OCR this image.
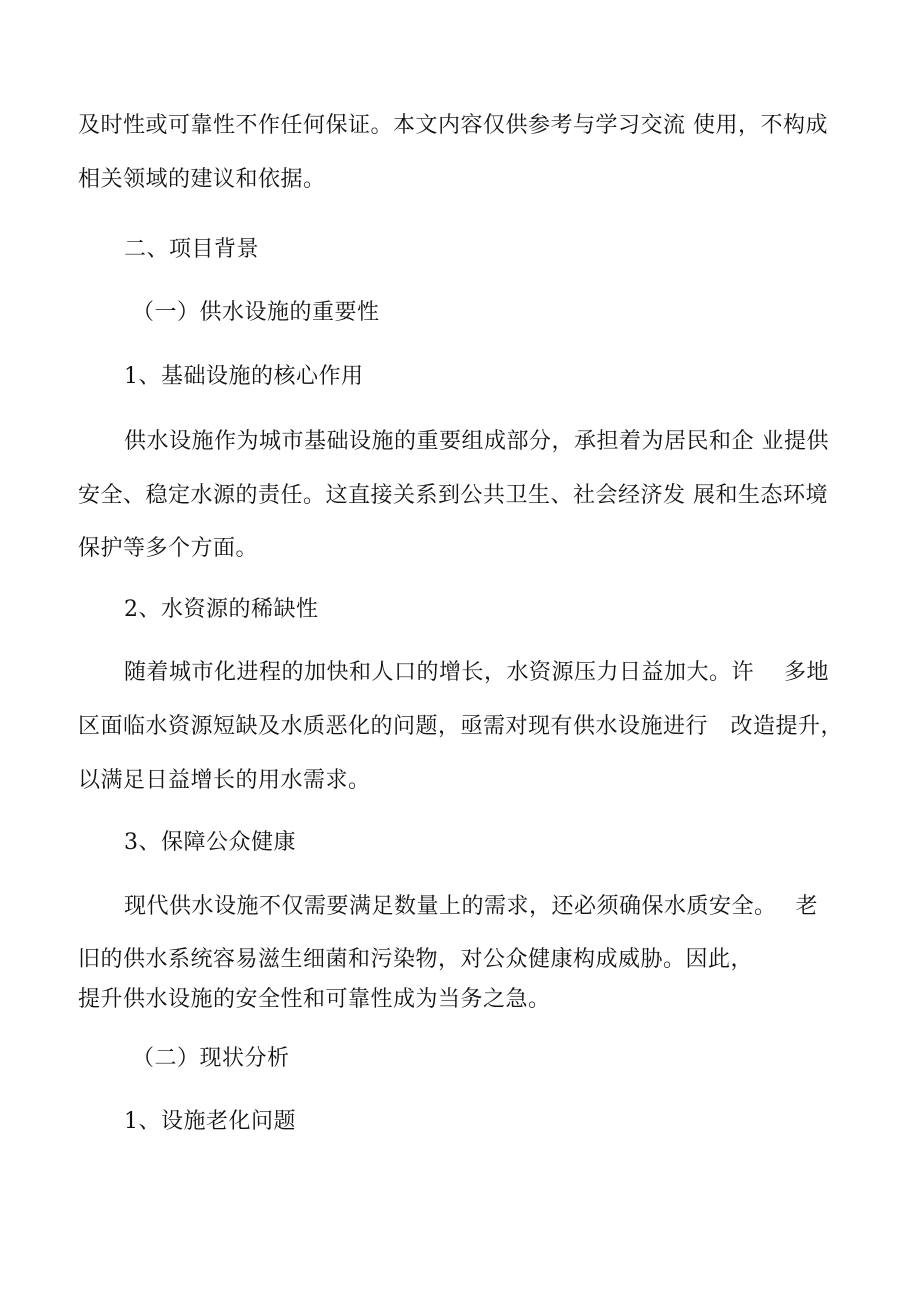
及时性或可靠性不作任何保证。本文内容仅供参考与学习交流 使用，不构成
相关领域的建议和依据。
二、项目背景
（一）供水设施的重要性
1、基础设施的核心作用
供水设施作为城市基础设施的重要组成部分，承担着为居民和企 业提供
安全、稳定水源的责任。这直接关系到公共卫生、社会经济发 展和生态环境
保护等多个方面。
2、水资源的稀缺性
随着城市化进程的加快和人口的增长，水资源压力日益加大。许　 多地
区面临水资源短缺及水质恶化的问题，亟需对现有供水设施进行　改造提升，
以满足日益增长的用水需求。
3、保障公众健康
现代供水设施不仅需要满足数量上的需求，还必须确保水质安全。　 老
旧的供水系统容易滋生细菌和污染物，对公众健康构成威胁。因此，
提升供水设施的安全性和可靠性成为当务之急。
（二）现状分析
1、设施老化问题
